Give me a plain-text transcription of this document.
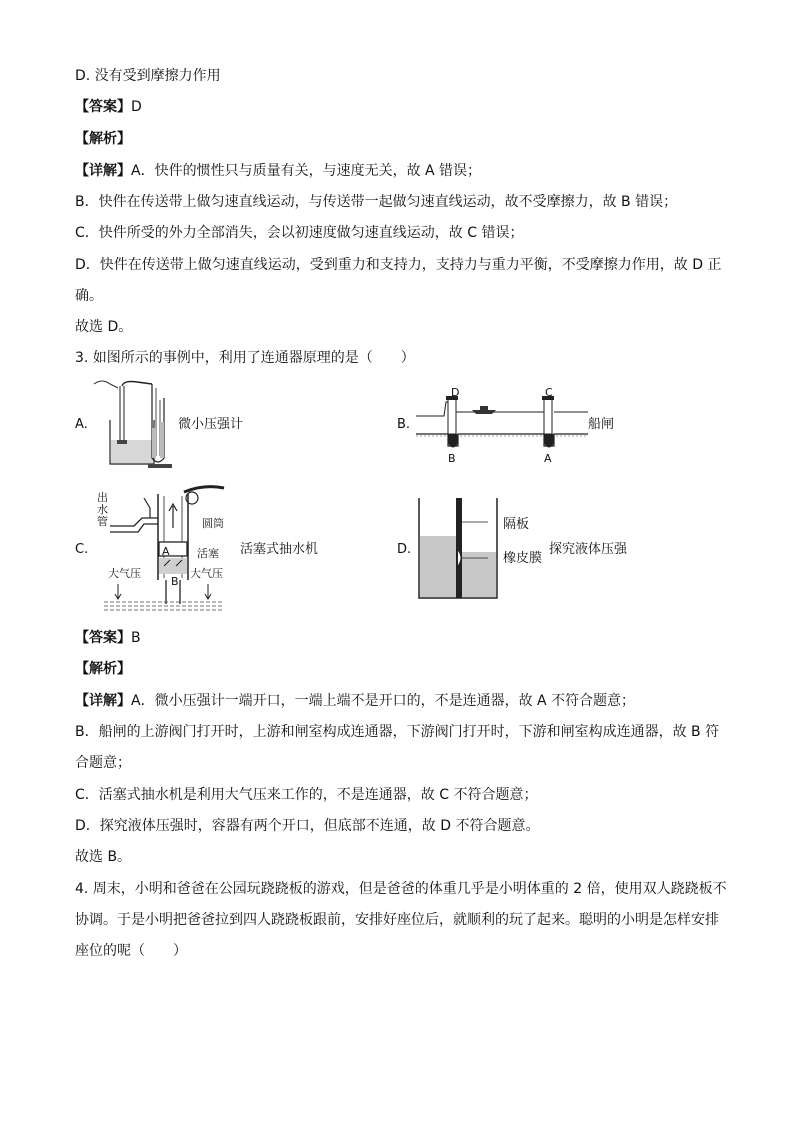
D. 没有受到摩擦力作用
【答案】D
【解析】
【详解】A．快件的惯性只与质量有关，与速度无关，故 A 错误；
B．快件在传送带上做匀速直线运动，与传送带一起做匀速直线运动，故不受摩擦力，故 B 错误；
C．快件所受的外力全部消失，会以初速度做匀速直线运动，故 C 错误；
D．快件在传送带上做匀速直线运动，受到重力和支持力，支持力与重力平衡，不受摩擦力作用，故 D 正
确。
故选 D。
3. 如图所示的事例中，利用了连通器原理的是（　　）
A.	微小压强计	B.
D	C
B	A
船闸
C.
出
水
管	圆筒
活塞
大气压	大气压
A
B
活塞式抽水机	D.
隔板
橡皮膜
探究液体压强
【答案】B
【解析】
【详解】A．微小压强计一端开口，一端上端不是开口的，不是连通器，故 A 不符合题意；
B．船闸的上游阀门打开时，上游和闸室构成连通器，下游阀门打开时，下游和闸室构成连通器，故 B 符
合题意；
C．活塞式抽水机是利用大气压来工作的，不是连通器，故 C 不符合题意；
D．探究液体压强时，容器有两个开口，但底部不连通，故 D 不符合题意。
故选 B。
4. 周末，小明和爸爸在公园玩跷跷板的游戏，但是爸爸的体重几乎是小明体重的 2 倍，使用双人跷跷板不
协调。于是小明把爸爸拉到四人跷跷板跟前，安排好座位后，就顺利的玩了起来。聪明的小明是怎样安排
座位的呢（　　）
